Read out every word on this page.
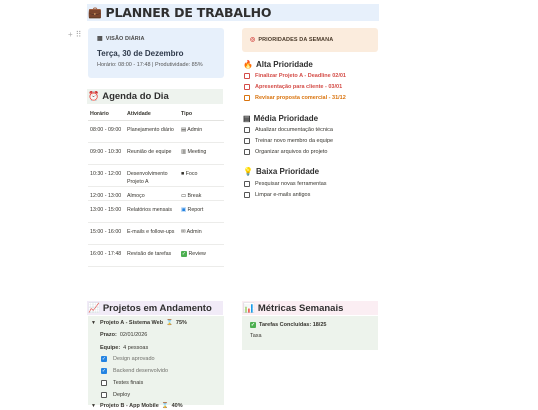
💼 PLANNER DE TRABALHO
+ ⠿	▦ VISÃO DIÁRIA
Terça, 30 de Dezembro
Horário: 08:00 - 17:48 | Produtividade: 85%
◎ PRIORIDADES DA SEMANA
⏰ Agenda do Dia
Horário	Atividade	Tipo
08:00 - 09:00	Planejamento diário	▤ Admin
09:00 - 10:30	Reunião de equipe	▥ Meeting
10:30 - 12:00	Desenvolvimento Projeto A	■ Foco
12:00 - 13:00	Almoço	▭ Break
13:00 - 15:00	Relatórios mensais	▣ Report
15:00 - 16:00	E-mails e follow-ups	✉ Admin
16:00 - 17:48	Revisão de tarefas	✓ Review
🔥 Alta Prioridade
Finalizar Projeto A - Deadline 02/01
Apresentação para cliente - 03/01
Revisar proposta comercial - 31/12
▤ Média Prioridade
Atualizar documentação técnica
Treinar novo membro da equipe
Organizar arquivos do projeto
💡 Baixa Prioridade
Pesquisar novas ferramentas
Limpar e-mails antigos
📈 Projetos em Andamento
▼ Projeto A - Sistema Web ⌛ 75%
Prazo: 02/01/2026
Equipe: 4 pessoas
✓ Design aprovado
✓ Backend desenvolvido
Testes finais
Deploy
▼ Projeto B - App Mobile ⌛ 40%
📊 Métricas Semanais
✓ Tarefas Concluídas: 18/25
Taxa
